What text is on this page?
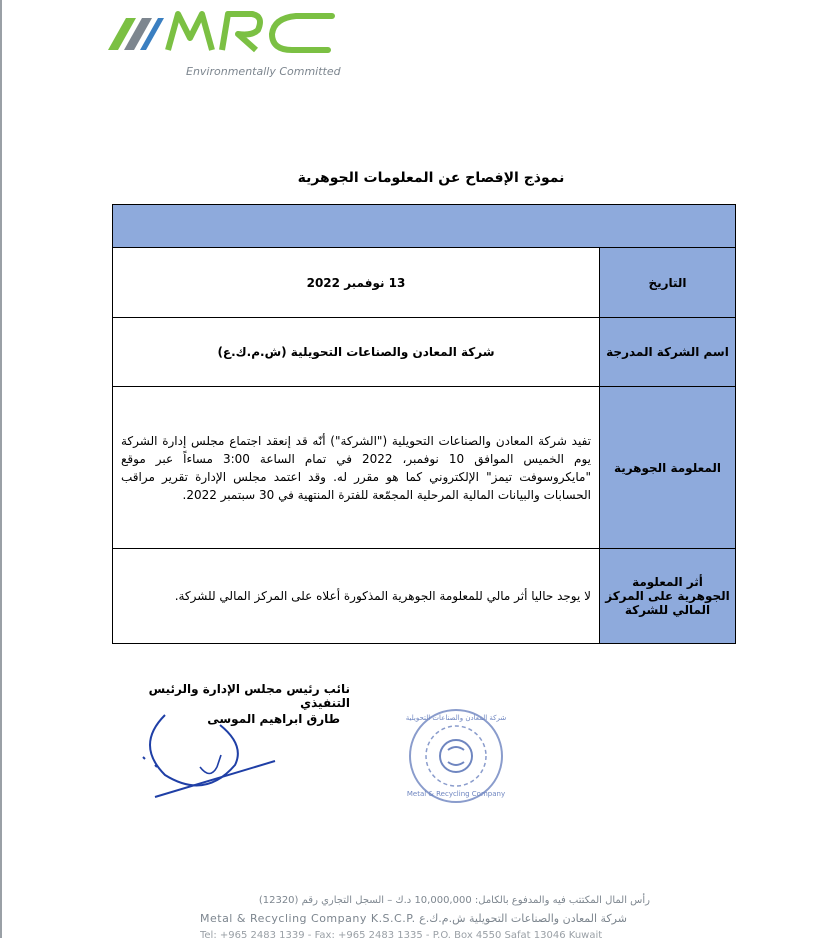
Environmentally Committed
نموذج الإفصاح عن المعلومات الجوهرية

التاريخ	13 نوفمبر 2022
اسم الشركة المدرجة	شركة المعادن والصناعات التحويلية (ش.م.ك.ع)
المعلومة الجوهرية	تفيد شركة المعادن والصناعات التحويلية ("الشركة") أنّه قد إنعقد اجتماع مجلس إدارة الشركة يوم الخميس الموافق 10 نوفمبر، 2022 في تمام الساعة 3:00 مساءاً عبر موقع "مايكروسوفت تيمز" الإلكتروني كما هو مقرر له. وقد اعتمد مجلس الإدارة تقرير مراقب الحسابات والبيانات المالية المرحلية المجمّعة للفترة المنتهية في 30 سبتمبر 2022.
أثر المعلومة الجوهرية على المركز المالي للشركة	لا يوجد حاليا أثر مالي للمعلومة الجوهرية المذكورة أعلاه على المركز المالي للشركة.
نائب رئيس مجلس الإدارة والرئيس التنفيذي
طارق ابراهيم الموسى
Metal & Recycling Company
شركة المعادن والصناعات التحويلية
رأس المال المكتتب فيه والمدفوع بالكامل: 10,000,000 د.ك – السجل التجاري رقم (12320)
Metal & Recycling Company K.S.C.P. شركة المعادن والصناعات التحويلية ش.م.ك.ع
Tel: +965 2483 1339 - Fax: +965 2483 1335 - P.O. Box 4550 Safat 13046 Kuwait
